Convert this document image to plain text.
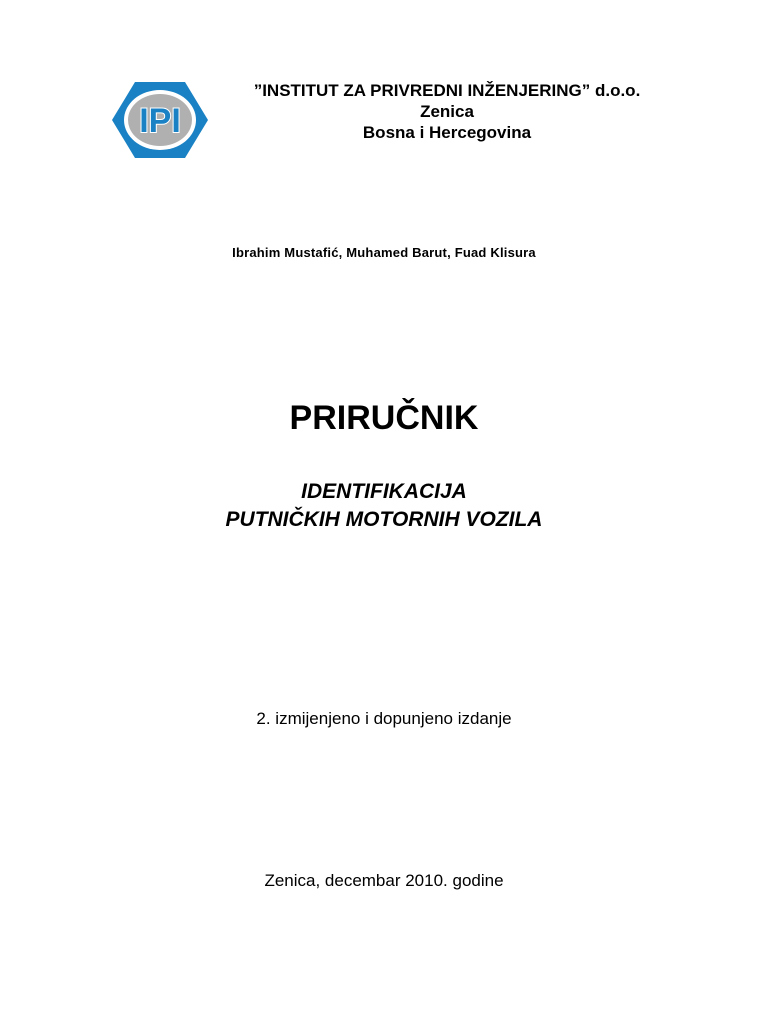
IPI
”INSTITUT ZA PRIVREDNI INŽENJERING” d.o.o.
Zenica
Bosna i Hercegovina
Ibrahim Mustafić, Muhamed Barut, Fuad Klisura
PRIRUČNIK
IDENTIFIKACIJA
PUTNIČKIH MOTORNIH VOZILA
2. izmijenjeno i dopunjeno izdanje
Zenica, decembar 2010. godine
